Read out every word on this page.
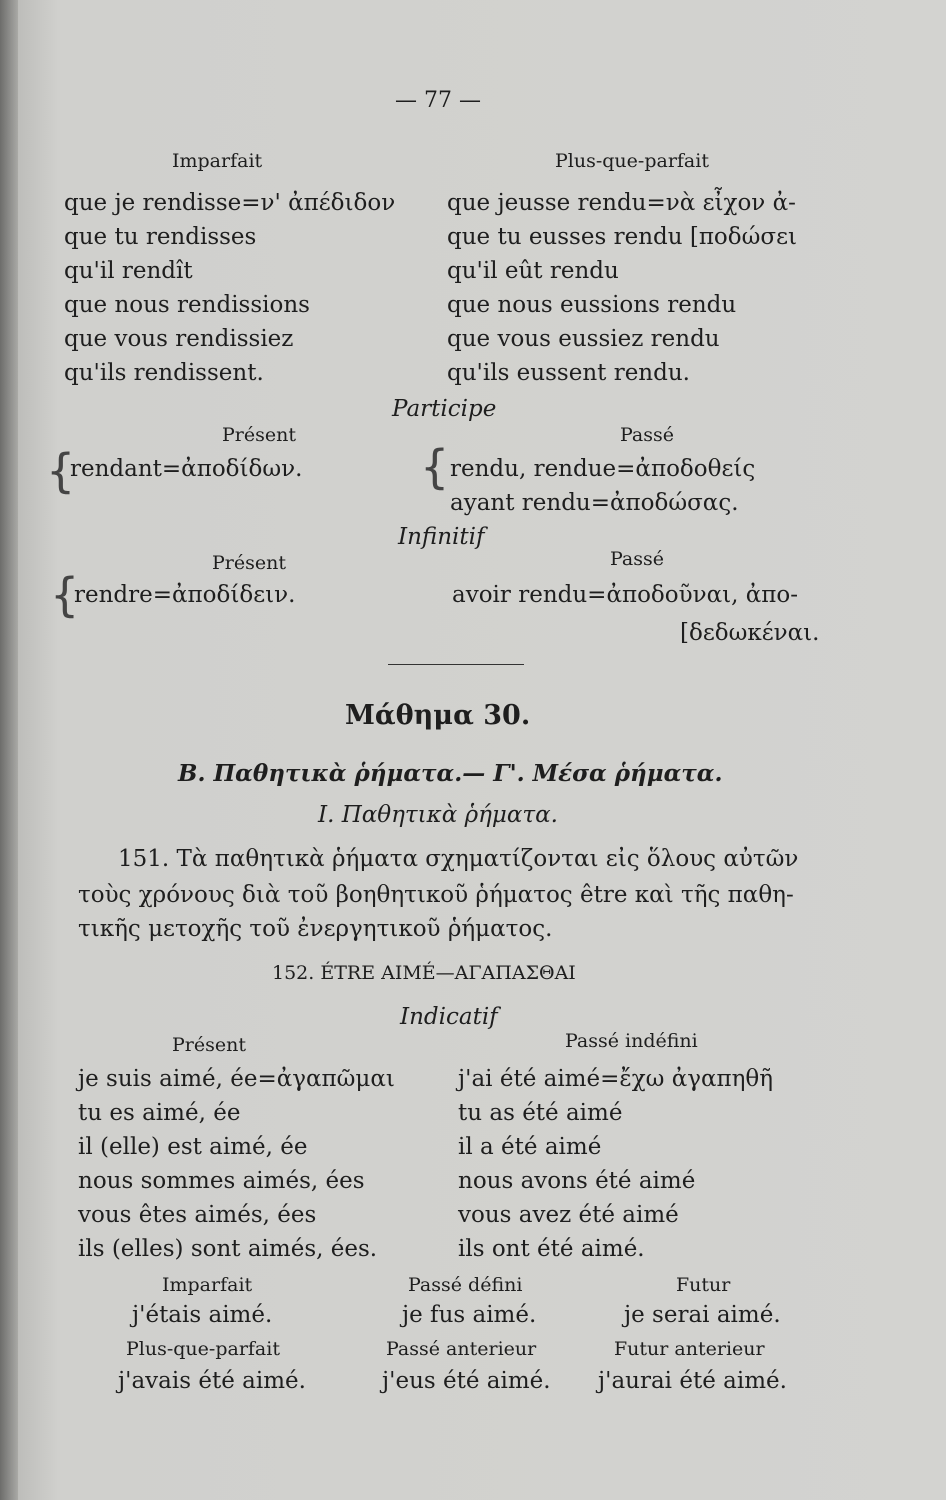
— 77 —
Imparfait
que je rendisse=ν' ἀπέδιδον
que tu rendisses
qu'il rendît
que nous rendissions
que vous rendissiez
qu'ils rendissent.
Plus-que-parfait
que jeusse rendu=νὰ εἶχον ἀ-
que tu eusses rendu [ποδώσει
qu'il eût rendu
que nous eussions rendu
que vous eussiez rendu
qu'ils eussent rendu.
Participe
Présent
{
rendant=ἀποδίδων.
Passé
{ rendu, rendue=ἀποδοθείς
ayant rendu=ἀποδώσας.
Infinitif
Présent
{
rendre=ἀποδίδειν.
Passé
avoir rendu=ἀποδοῦναι, ἀπο-
[δεδωκέναι.
Μάθημα 30.
Β. Παθητικὰ ῥήματα.— Γ'. Μέσα ῥήματα.
Ι. Παθητικὰ ῥήματα.
151. Τὰ παθητικὰ ῥήματα σχηματίζονται εἰς ὅλους αὐτῶν
τοὺς χρόνους διὰ τοῦ βοηθητικοῦ ῥήματος être καὶ τῆς παθη-
τικῆς μετοχῆς τοῦ ἐνεργητικοῦ ῥήματος.
152. ÉTRE AIMÉ—ΑΓΑΠΑΣΘΑΙ
Indicatif
Présent
je suis aimé, ée=ἀγαπῶμαι
tu es aimé, ée
il (elle) est aimé, ée
nous sommes aimés, ées
vous êtes aimés, ées
ils (elles) sont aimés, ées.
Passé indéfini
j'ai été aimé=ἔχω ἀγαπηθῆ
tu as été aimé
il a été aimé
nous avons été aimé
vous avez été aimé
ils ont été aimé.
Imparfait
j'étais aimé.
Passé défini
je fus aimé.
Futur
je serai aimé.
Plus-que-parfait
j'avais été aimé.
Passé anterieur
j'eus été aimé.
Futur anterieur
j'aurai été aimé.
